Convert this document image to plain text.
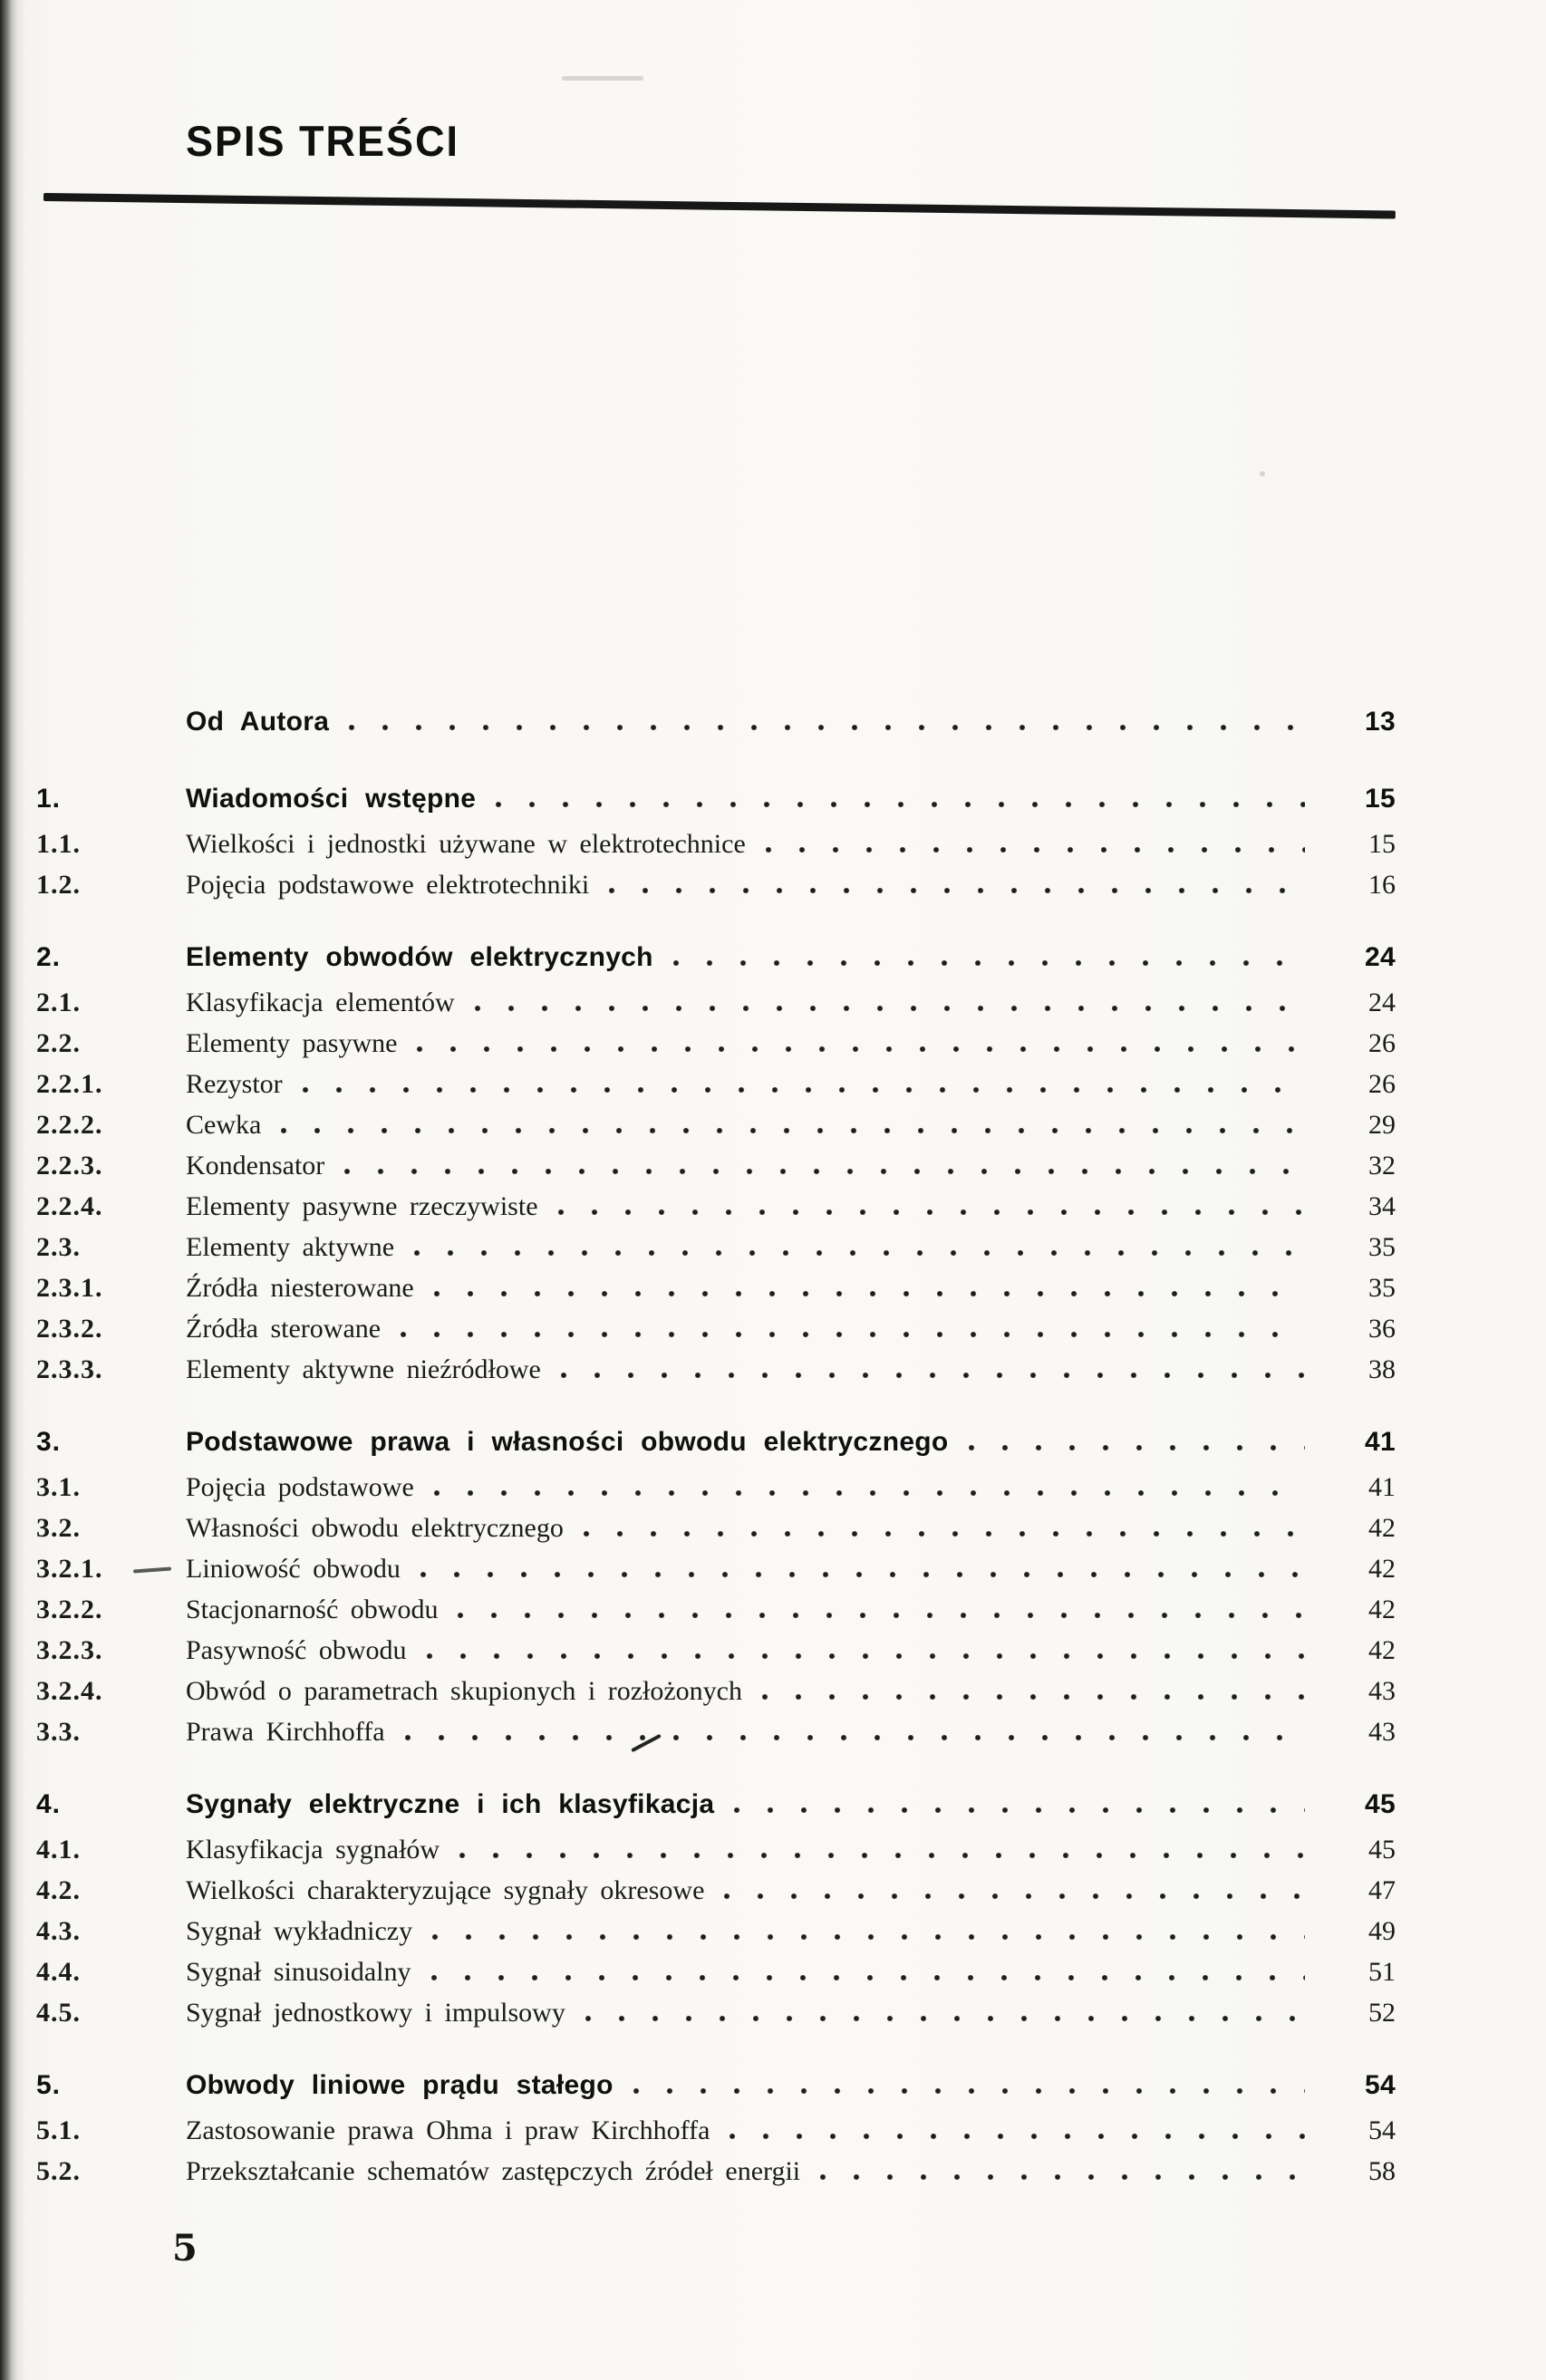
SPIS TREŚCI
Od Autora	13
1.	Wiadomości wstępne	15
1.1.	Wielkości i jednostki używane w elektrotechnice	15
1.2.	Pojęcia podstawowe elektrotechniki	16
2.	Elementy obwodów elektrycznych	24
2.1.	Klasyfikacja elementów	24
2.2.	Elementy pasywne	26
2.2.1.	Rezystor	26
2.2.2.	Cewka	29
2.2.3.	Kondensator	32
2.2.4.	Elementy pasywne rzeczywiste	34
2.3.	Elementy aktywne	35
2.3.1.	Źródła niesterowane	35
2.3.2.	Źródła sterowane	36
2.3.3.	Elementy aktywne nieźródłowe	38
3.	Podstawowe prawa i własności obwodu elektrycznego	41
3.1.	Pojęcia podstawowe	41
3.2.	Własności obwodu elektrycznego	42
3.2.1.	Liniowość obwodu	42
3.2.2.	Stacjonarność obwodu	42
3.2.3.	Pasywność obwodu	42
3.2.4.	Obwód o parametrach skupionych i rozłożonych	43
3.3.	Prawa Kirchhoffa	43
4.	Sygnały elektryczne i ich klasyfikacja	45
4.1.	Klasyfikacja sygnałów	45
4.2.	Wielkości charakteryzujące sygnały okresowe	47
4.3.	Sygnał wykładniczy	49
4.4.	Sygnał sinusoidalny	51
4.5.	Sygnał jednostkowy i impulsowy	52
5.	Obwody liniowe prądu stałego	54
5.1.	Zastosowanie prawa Ohma i praw Kirchhoffa	54
5.2.	Przekształcanie schematów zastępczych źródeł energii	58
5
